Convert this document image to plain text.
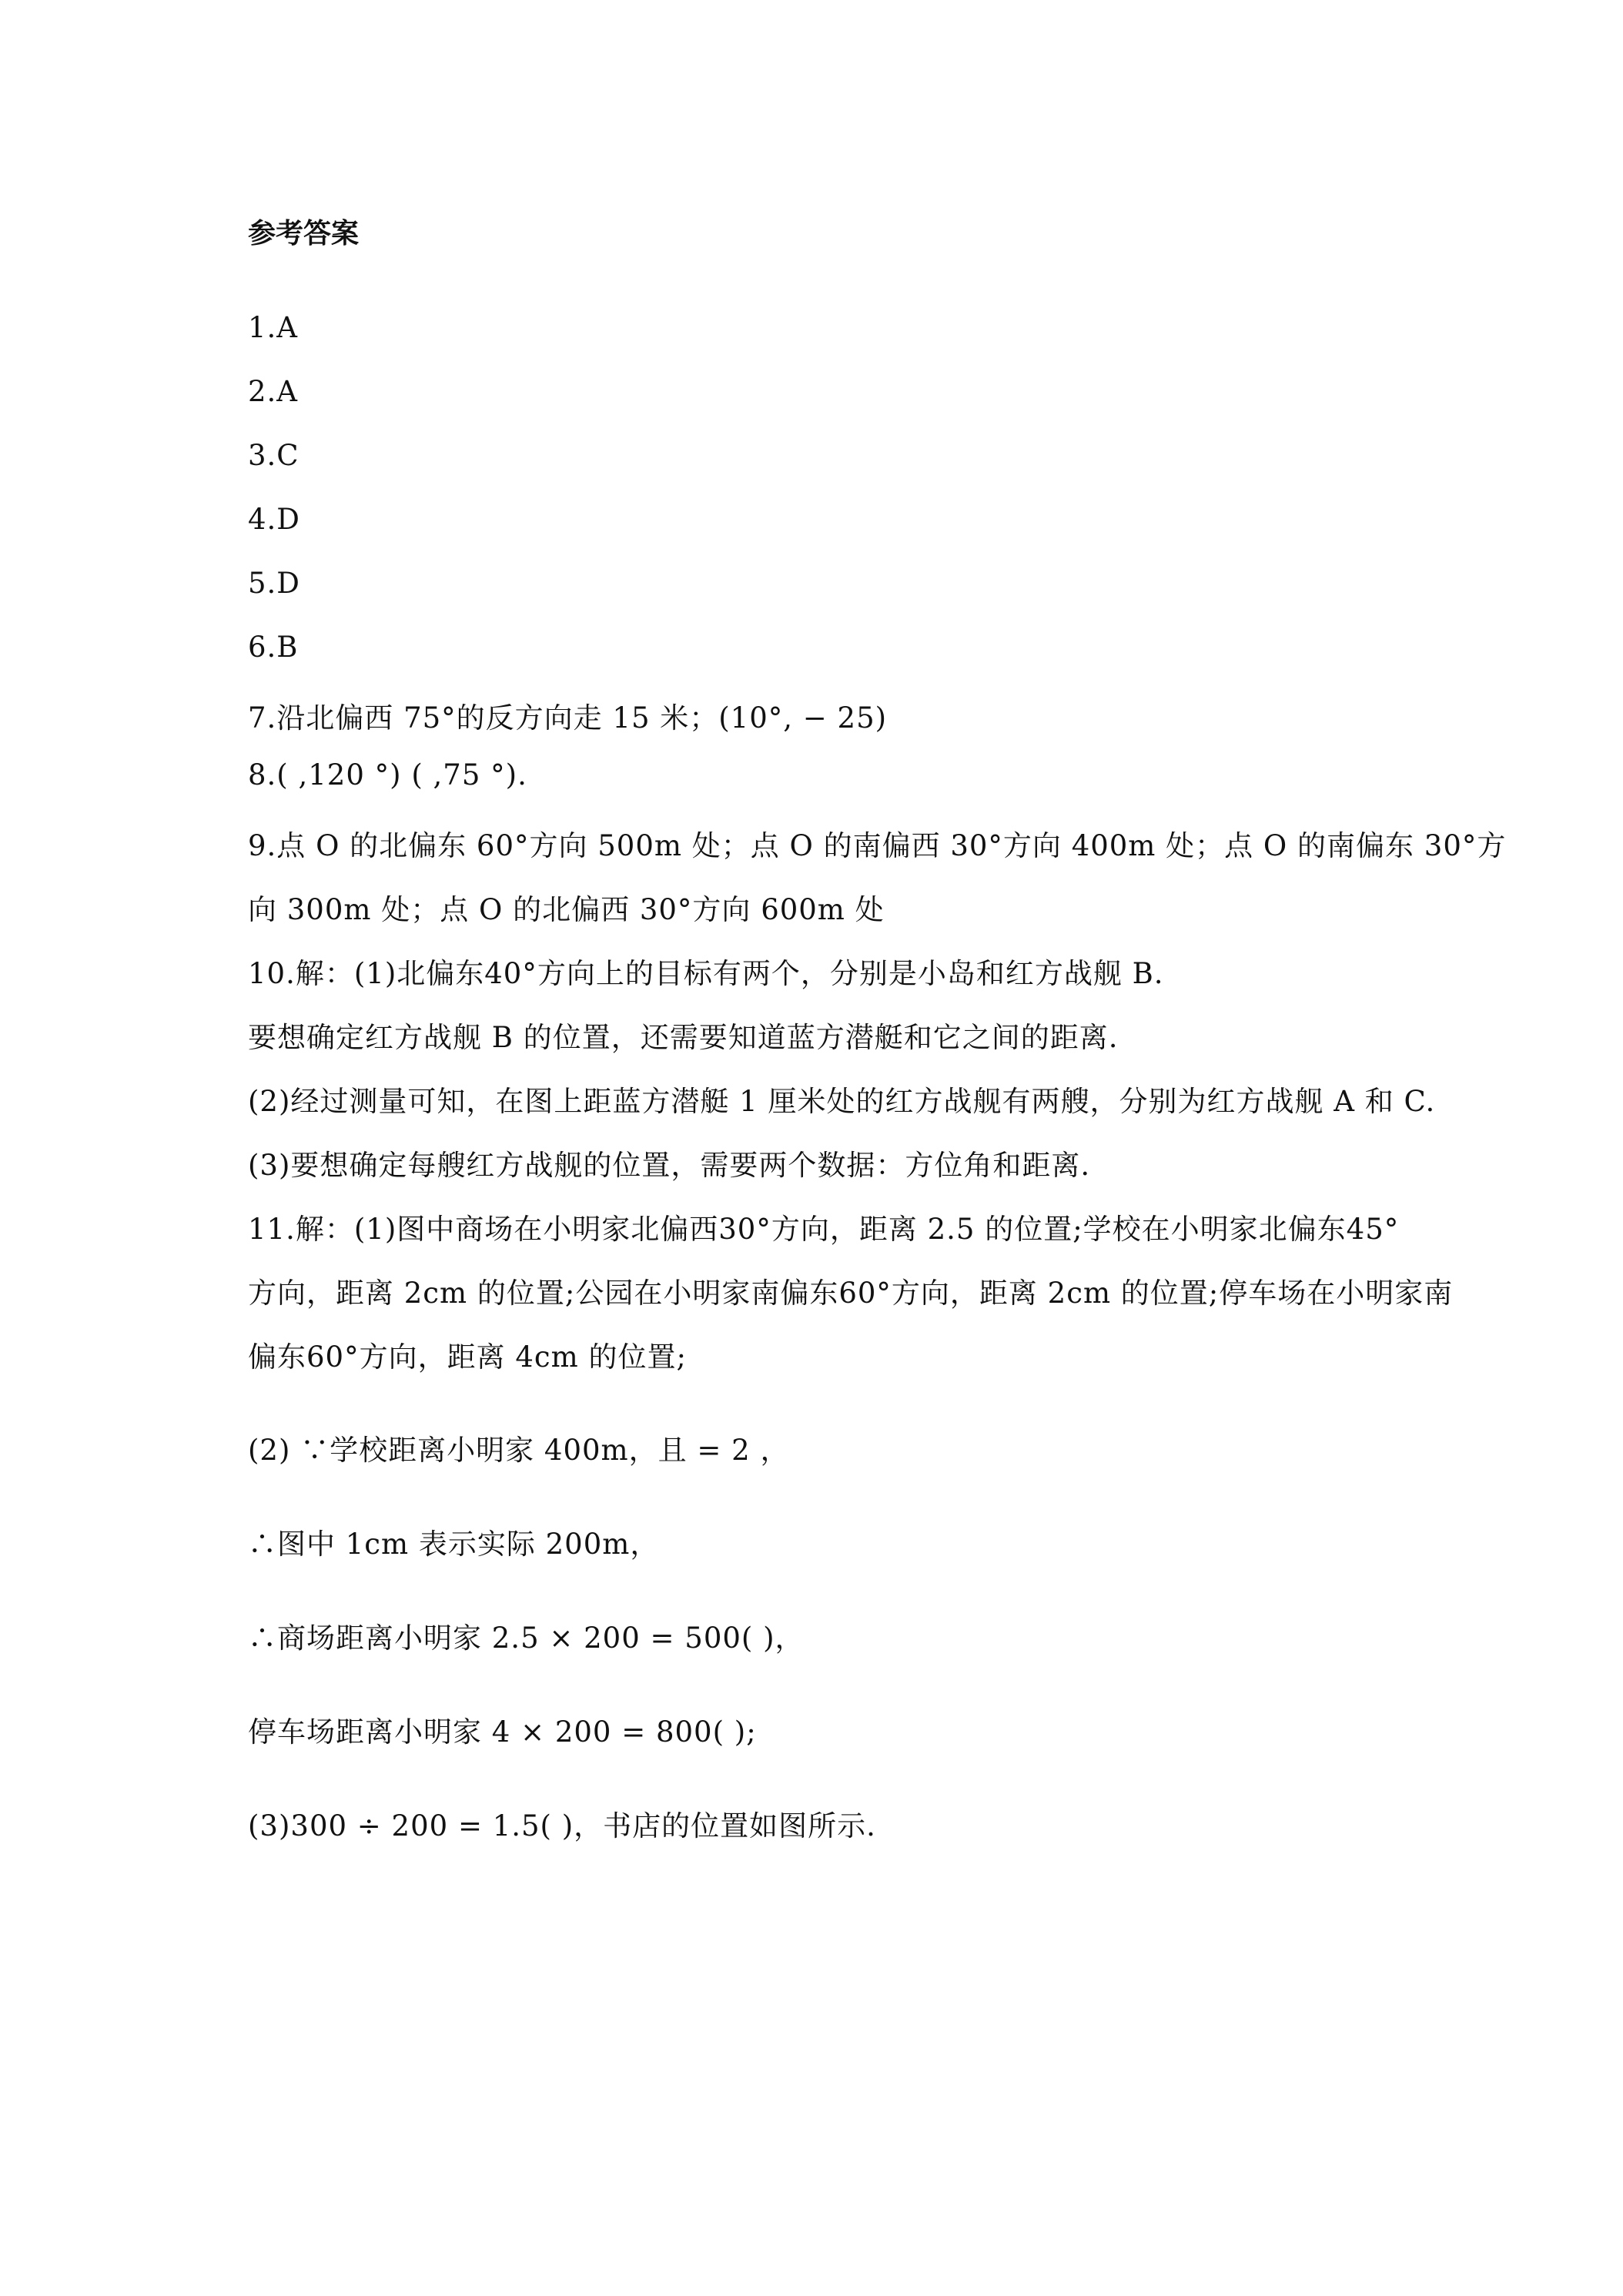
参考答案
1.A
2.A
3.C
4.D
5.D
6.B
7.沿北偏西 75°的反方向走 15 米；(10°, − 25)
8.( ,120 °) ( ,75 °).
9.点 O 的北偏东 60°方向 500m 处；点 O 的南偏西 30°方向 400m 处；点 O 的南偏东 30°方
向 300m 处；点 O 的北偏西 30°方向 600m 处
10.解：(1)北偏东40°方向上的目标有两个，分别是小岛和红方战舰 B.
要想确定红方战舰 B 的位置，还需要知道蓝方潜艇和它之间的距离.
(2)经过测量可知，在图上距蓝方潜艇 1 厘米处的红方战舰有两艘，分别为红方战舰 A 和 C.
(3)要想确定每艘红方战舰的位置，需要两个数据：方位角和距离.
11.解：(1)图中商场在小明家北偏西30°方向，距离 2.5 的位置;学校在小明家北偏东45°
方向，距离 2cm 的位置;公园在小明家南偏东60°方向，距离 2cm 的位置;停车场在小明家南
偏东60°方向，距离 4cm 的位置;
(2) ∵学校距离小明家 400m，且 = 2 ，
∴图中 1cm 表示实际 200m，
∴商场距离小明家 2.5 × 200 = 500( )，
停车场距离小明家 4 × 200 = 800( );
(3)300 ÷ 200 = 1.5( )，书店的位置如图所示.
